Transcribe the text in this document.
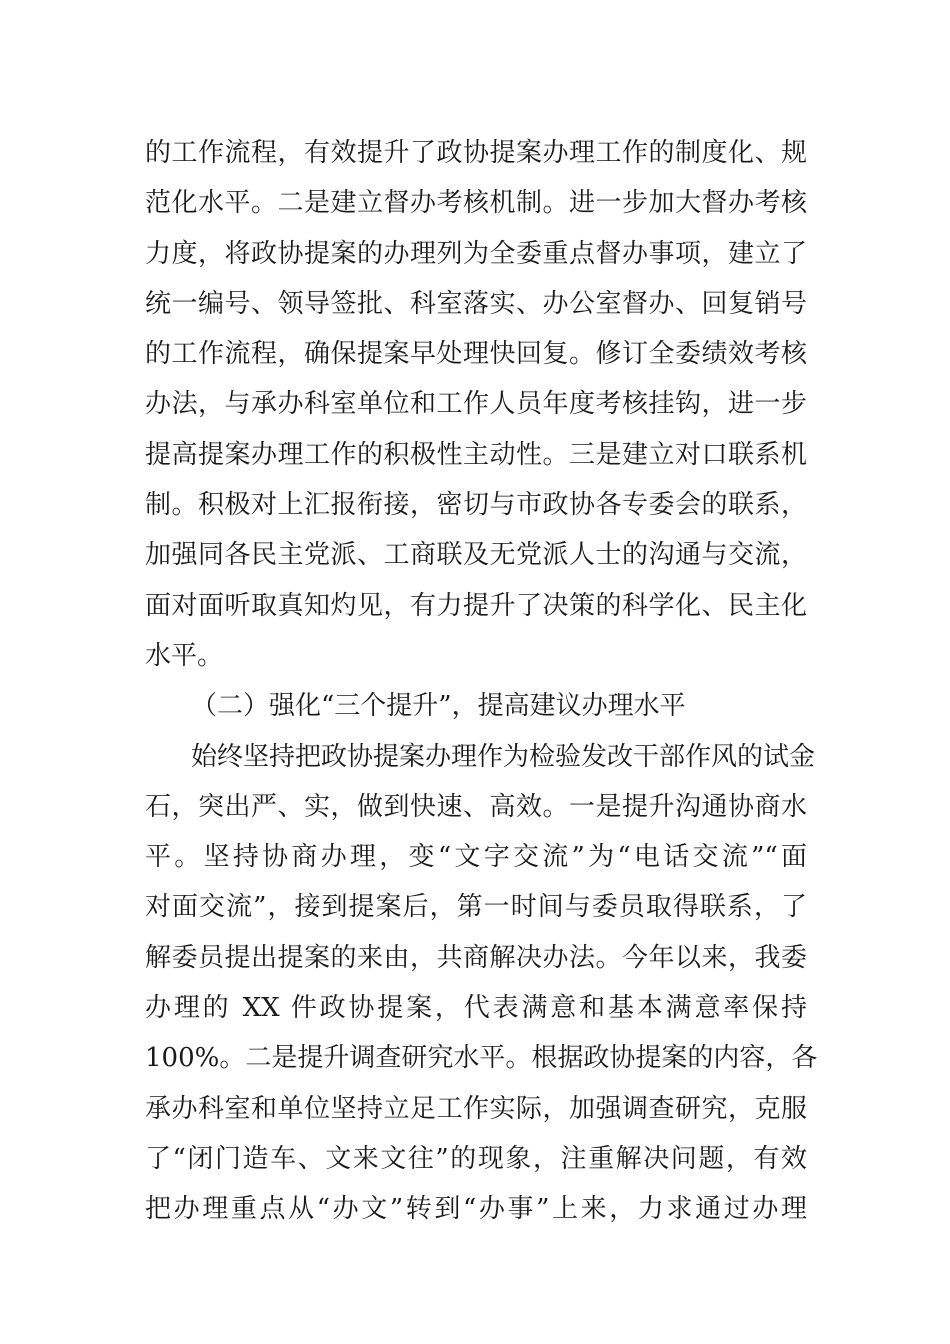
的工作流程，有效提升了政协提案办理工作的制度化、规
范化水平。二是建立督办考核机制。进一步加大督办考核
力度，将政协提案的办理列为全委重点督办事项，建立了
统一编号、领导签批、科室落实、办公室督办、回复销号
的工作流程，确保提案早处理快回复。修订全委绩效考核
办法，与承办科室单位和工作人员年度考核挂钩，进一步
提高提案办理工作的积极性主动性。三是建立对口联系机
制。积极对上汇报衔接，密切与市政协各专委会的联系，
加强同各民主党派、工商联及无党派人士的沟通与交流，
面对面听取真知灼见，有力提升了决策的科学化、民主化
水平。
（二）强化“三个提升”，提高建议办理水平
始终坚持把政协提案办理作为检验发改干部作风的试金
石，突出严、实，做到快速、高效。一是提升沟通协商水
平。坚持协商办理，变“文字交流”为“电话交流”“面
对面交流”，接到提案后，第一时间与委员取得联系，了
解委员提出提案的来由，共商解决办法。今年以来，我委
办理的 XX 件政协提案，代表满意和基本满意率保持
100%。二是提升调查研究水平。根据政协提案的内容，各
承办科室和单位坚持立足工作实际，加强调查研究，克服
了“闭门造车、文来文往”的现象，注重解决问题，有效
把办理重点从“办文”转到“办事”上来，力求通过办理
